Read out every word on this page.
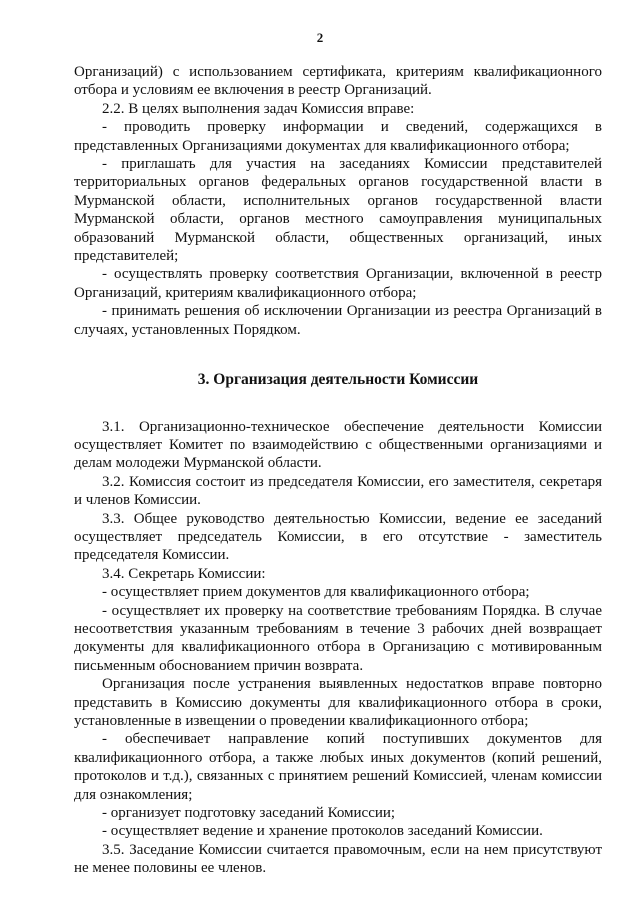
2

Организаций) с использованием сертификата, критериям квалификационного отбора и условиям ее включения в реестр Организаций.

2.2. В целях выполнения задач Комиссия вправе:

- проводить проверку информации и сведений, содержащихся в представленных Организациями документах для квалификационного отбора;

- приглашать для участия на заседаниях Комиссии представителей территориальных органов федеральных органов государственной власти в Мурманской области, исполнительных органов государственной власти Мурманской области, органов местного самоуправления муниципальных образований Мурманской области, общественных организаций, иных представителей;

- осуществлять проверку соответствия Организации, включенной в реестр Организаций, критериям квалификационного отбора;

- принимать решения об исключении Организации из реестра Организаций в случаях, установленных Порядком.

3. Организация деятельности Комиссии

3.1. Организационно-техническое обеспечение деятельности Комиссии осуществляет Комитет по взаимодействию с общественными организациями и делам молодежи Мурманской области.

3.2. Комиссия состоит из председателя Комиссии, его заместителя, секретаря и членов Комиссии.

3.3. Общее руководство деятельностью Комиссии, ведение ее заседаний осуществляет председатель Комиссии, в его отсутствие - заместитель председателя Комиссии.

3.4. Секретарь Комиссии:

- осуществляет прием документов для квалификационного отбора;

- осуществляет их проверку на соответствие требованиям Порядка. В случае несоответствия указанным требованиям в течение 3 рабочих дней возвращает документы для квалификационного отбора в Организацию с мотивированным письменным обоснованием причин возврата.

Организация после устранения выявленных недостатков вправе повторно представить в Комиссию документы для квалификационного отбора в сроки, установленные в извещении о проведении квалификационного отбора;

- обеспечивает направление копий поступивших документов для квалификационного отбора, а также любых иных документов (копий решений, протоколов и т.д.), связанных с принятием решений Комиссией, членам комиссии для ознакомления;

- организует подготовку заседаний Комиссии;

- осуществляет ведение и хранение протоколов заседаний Комиссии.

3.5. Заседание Комиссии считается правомочным, если на нем присутствуют не менее половины ее членов.
